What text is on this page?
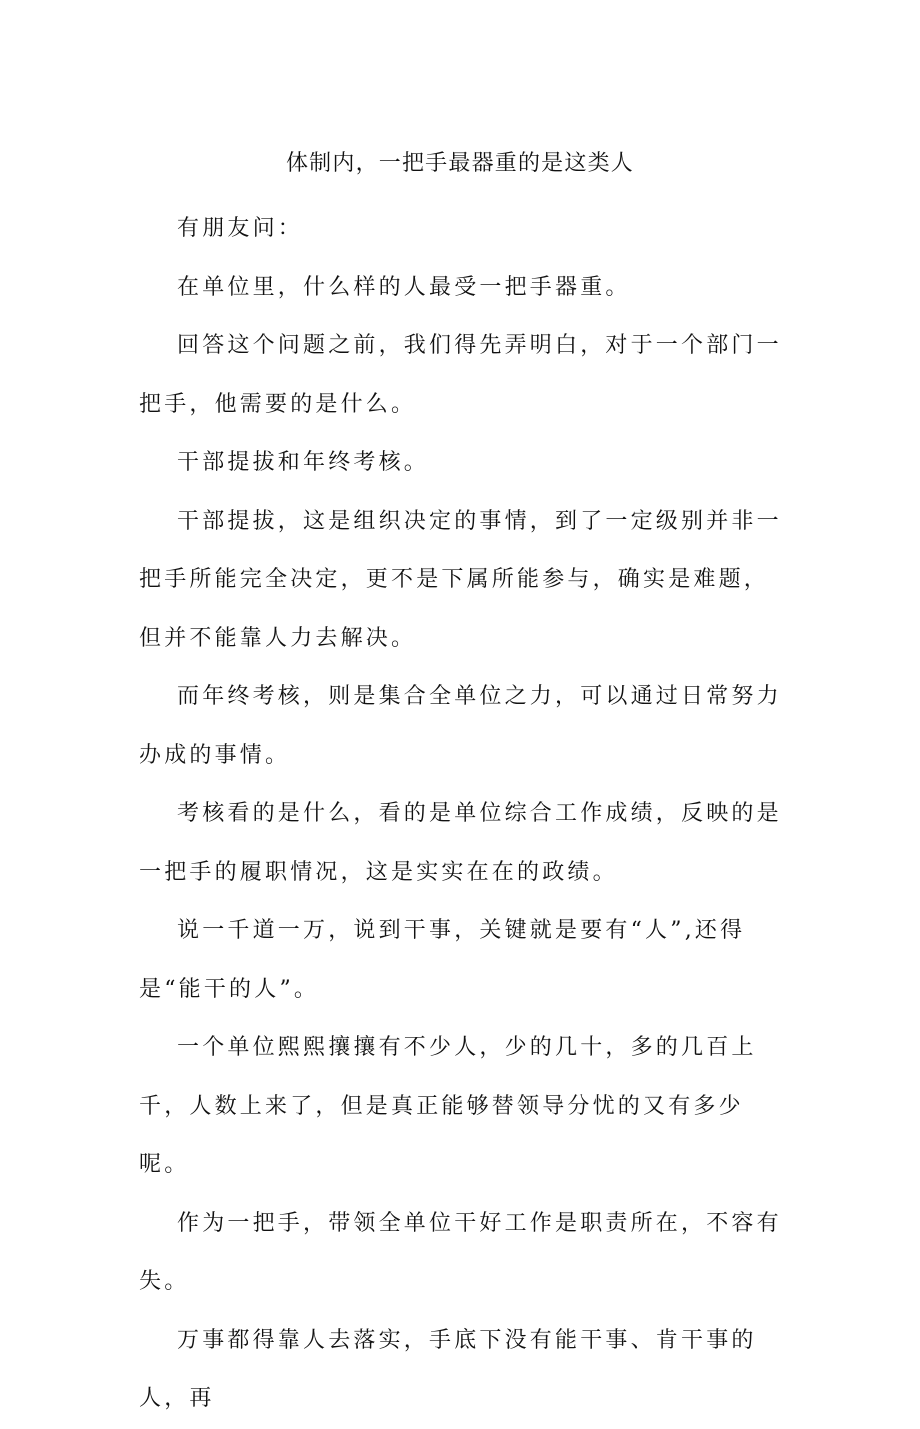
体制内，一把手最器重的是这类人

有朋友问：

在单位里，什么样的人最受一把手器重。

回答这个问题之前，我们得先弄明白，对于一个部门一把手，他需要的是什么。

干部提拔和年终考核。

干部提拔，这是组织决定的事情，到了一定级别并非一把手所能完全决定，更不是下属所能参与，确实是难题，但并不能靠人力去解决。

而年终考核，则是集合全单位之力，可以通过日常努力办成的事情。

考核看的是什么，看的是单位综合工作成绩，反映的是一把手的履职情况，这是实实在在的政绩。

说一千道一万，说到干事，关键就是要有“人”,还得是“能干的人”。

一个单位熙熙攘攘有不少人，少的几十，多的几百上千，人数上来了，但是真正能够替领导分忧的又有多少呢。

作为一把手，带领全单位干好工作是职责所在，不容有失。

万事都得靠人去落实，手底下没有能干事、肯干事的人，再
